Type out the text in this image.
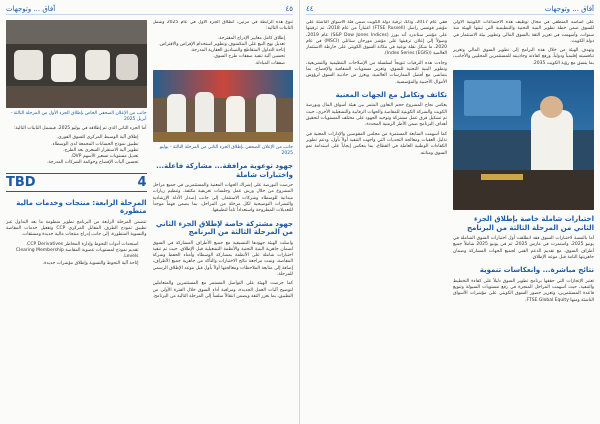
٤٥
آفاق ... وتوجهات

تنوع هذه الرابطة في مرتين، انطلاق الجزء الأول في عام 2025 وشمل التابتات التالية:

• إطلاق كامل معايير الإدراج المقترحة.
• تعديل نهج البيع على المكشوف وتطوير استخدام الإقراض والاقتراض.
• إتاحة التداول المتقاطع والصناديق العقارية المدرجة.
• تحسين آلية تنفيذ صفقات طرح السوق.
• صفقات المبادلة.
جانب من الإعلان الصحفي بإطلاق الجزء الثاني من المرحلة الثالثة - يوليو 2025
جهود توعوية مرافقة... مشاركة فاعلة... واختبارات شاملة

حرصت البورصة على إشراك الجهات المعنية والمستثمرين في جميع مراحل المشروع من خلال ورش عمل وجلسات تعريفية مكثفة، وتنظيم زيارات ميدانية للوسطاء وشركات الاستثمار، إلى جانب إصدار الأدلة الإرشادية والنشرات التوضيحية لكل مرحلة من المراحل، بما يضمن فهماً موحداً للتعديلات المطروحة واستعداداً تاماً لتطبيقها.

جهود مشتركة خاصة لإطلاق الجزء الثاني من المرحلة الثالثة من البرنامج

واصلت الهيئة جهودها التنسيقية مع جميع الأطراف المشاركة في السوق لضمان جاهزية البنية التحتية والأنظمة التشغيلية قبل الإطلاق، حيث تم تنفيذ اختبارات شاملة على الأنظمة بمشاركة الوسطاء وأمناء الحفظ وشركة المقاصة، وتمت مراجعة نتائج الاختبارات والتأكد من جاهزية جميع الأطراف، إضافة إلى متابعة الملاحظات ومعالجتها أولاً بأول قبل موعد الإطلاق الرسمي للمرحلة.

كما حرصت الهيئة على التواصل المستمر مع المستثمرين والمتعاملين لتوضيح آليات العمل الجديدة، ومراقبة أداء السوق خلال الفترة الأولى من التطبيق، بما يعزز الثقة ويضمن انتقالاً سلساً إلى المرحلة التالية من البرنامج.

جانب من الإعلان الصحفي الخاص بإطلاق الجزء الأول من المرحلة الثالثة - أبريل 2025

أما الجزء الثاني الذي تم إطلاقه في يوليو 2025، فيشمل التابتات التالية:

• إطلاق آلية الوسيط المركزي للسوق الفوري.
• تطبيق نموذج الحسابات المجمعة لدى الوسطاء.
• تطوير آلية الاستقرار السعري بعد الطرح.
• تعديل مستويات تسعير الأسهم DVP.
• تحسين آليات الإفصاح وحوكمة الشركات المدرجة.
4
TBD
المرحلة الرابعة: منتجات وخدمات مالية متطورة

تتضمن المرحلة الرابعة من البرنامج تطوير منظومة ما بعد التداول عبر تطبيق نموذج الطرف المقابل المركزي CCP وتفعيل خدمات المقاصة والتسوية المتطورة، إلى جانب إدراج منتجات مالية جديدة ومشتقات.

• استحداث أدوات التحوط وإدارة المخاطر CCP Derivatives.
• تقديم نموذج لمستويات عضوية المقاصة Clearing Membership Levels.
• إتاحة آلية التحوط والتسوية وإطلاق مؤشرات جديدة.
آفاق ... وتوجهات
٤٤

على أساسه المنطقي في مجال توظيف هذه الاجتماعات الكويتية الأولى للسوق ضمن خطة تطوير البنية التحتية والتنظيمية التي تبنتها الهيئة منذ سنوات، وأسهمت في تعزيز الثقة بالسوق المالي وتطوير بيئة الاستثمار في دولة الكويت.

وتهدف الهيئة من خلال هذه البرامج إلى تطوير السوق المالي وتعزيز تنافسيته إقليمياً ودولياً، ورفع كفاءته وجاذبيته للمستثمرين المحليين والأجانب، بما يتسق مع رؤية الكويت 2035.

اختبارات شاملة خاصة بإطلاق الجزء الثاني من المرحلة الثالثة من البرنامج

أما بالنسبة لاختبارات السوق فقد انطلقت أول اختبارات السوق الشاملة في يونيو 2025، واستمرت في مارس 2025، ثم في يونيو 2025 شاملاً جميع أطراف السوق، مع تقديم الدعم الفني لجميع الجهات المشاركة وضمان جاهزيتها التامة قبل موعد الإطلاق.

نتائج مباشرة... وانعكاسات تنموية

تعتبر الإنجازات التي حققها برنامج تطوير السوق دليلاً على كفاءة التخطيط والتنفيذ، حيث أسهمت المراحل المنجزة في رفع مستويات السيولة وتنويع قاعدة المستثمرين، وتعزيز حضور السوق الكويتي على مؤشرات الأسواق الناشئة ومنها FTSE Global Equity.

ففي عام 2017، وذلك ترقية دولة الكويت ضمن فئة الأسواق الناشئة على مؤشر فوتسي راسل (FTSE Russell) اعتباراً من عام 2018، ثم ترقيتها على مؤشر ستاندرد آند بورز (S&P Dow Jones Indices) عام 2019، وصولاً إلى إعلان ترقيتها على مؤشر مورجان ستانلي (MSCI) في عام 2020، ما شكل نقلة نوعية في مكانة السوق الكويتي على خارطة الاستثمار العالمية (Index Series (EGIS)).

وجاءت هذه الترقيات تتويجاً لسلسلة من الإصلاحات التنظيمية والتشريعية، وتطوير البنية التحتية للسوق، وتعزيز مستويات الشفافية والإفصاح، بما يتماشى مع أفضل الممارسات العالمية، ويعزز من جاذبية السوق لرؤوس الأموال الأجنبية والمؤسسية.

تكاتف وتكامل مع الجهات المعنية

يعكس نجاح المشروع حجم التعاون المثمر بين هيئة أسواق المال وبورصة الكويت والشركة الكويتية للمقاصة والجهات الرقابية والتشغيلية الأخرى، حيث تم تشكيل فرق عمل مشتركة وتوحيد الجهود على مختلف المستويات لتحقيق أهداف البرنامج ضمن الأطر الزمنية المحددة.

كما أسهمت المتابعة المستمرة من مجلس المفوضين والإدارات المعنية في تذليل العقبات ومعالجة التحديات التي واجهت التنفيذ أولاً بأول، ودعم تطوير الكفاءات الوطنية العاملة في القطاع، بما ينعكس إيجاباً على استدامة نمو السوق ومتانته.
